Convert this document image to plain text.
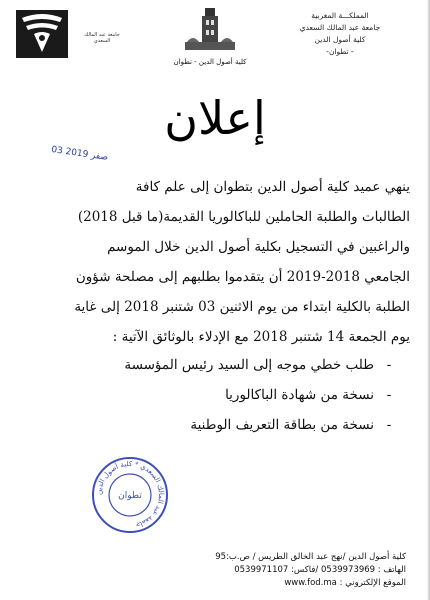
جامعة عبد المالك السعدي
كلية أصول الدين - تطوان
المملكـــة المغربية
جامعة عبد المالك السعدي
كلية أصول الدين
- تطوان-
إعلان
03 صفر 2019
ينهي عميد كلية أصول الدين بتطوان إلى علم كافة
الطالبات والطلبة الحاملين للباكالوريا القديمة(ما قبل 2018)
والراغبين في التسجيل بكلية أصول الدين خلال الموسم
الجامعي 2018-2019 أن يتقدموا بطلبهم إلى مصلحة شؤون
الطلبة بالكلية ابتداء من يوم الاثنين 03 شتنبر 2018 إلى غاية
يوم الجمعة 14 شتنبر 2018 مع الإدلاء بالوثائق الآتية :
-
طلب خطي موجه إلى السيد رئيس المؤسسة
-
نسخة من شهادة الباكالوريا
-
نسخة من بطاقة التعريف الوطنية
جامعة عبد المالك السعدي * كلية أصول الدين
تطوان
كلية أصول الدين /نهج عبد الخالق الطريس / ص.ب:95
الهاتف : 0539973969 /فاكس: 0539971107
الموقع الإلكتروني : www.fod.ma
